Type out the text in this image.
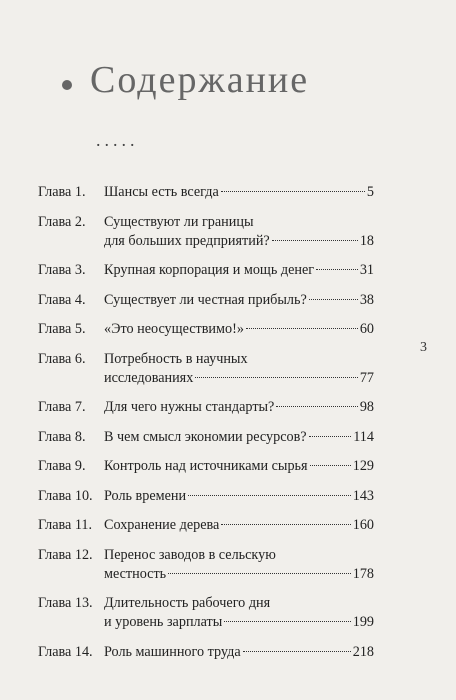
Содержание
.....
Глава 1.	Шансы есть всегда	5
Глава 2.	Существуют ли границы
для больших предприятий?	18
Глава 3.	Крупная корпорация и мощь денег	31
Глава 4.	Существует ли честная прибыль?	38
Глава 5.	«Это неосуществимо!»	60
Глава 6.	Потребность в научных
исследованиях	77
Глава 7.	Для чего нужны стандарты?	98
Глава 8.	В чем смысл экономии ресурсов?	114
Глава 9.	Контроль над источниками сырья	129
Глава 10. Роль времени	143
Глава 11. Сохранение дерева	160
Глава 12. Перенос заводов в сельскую
местность	178
Глава 13. Длительность рабочего дня
и уровень зарплаты	199
Глава 14. Роль машинного труда	218
3
